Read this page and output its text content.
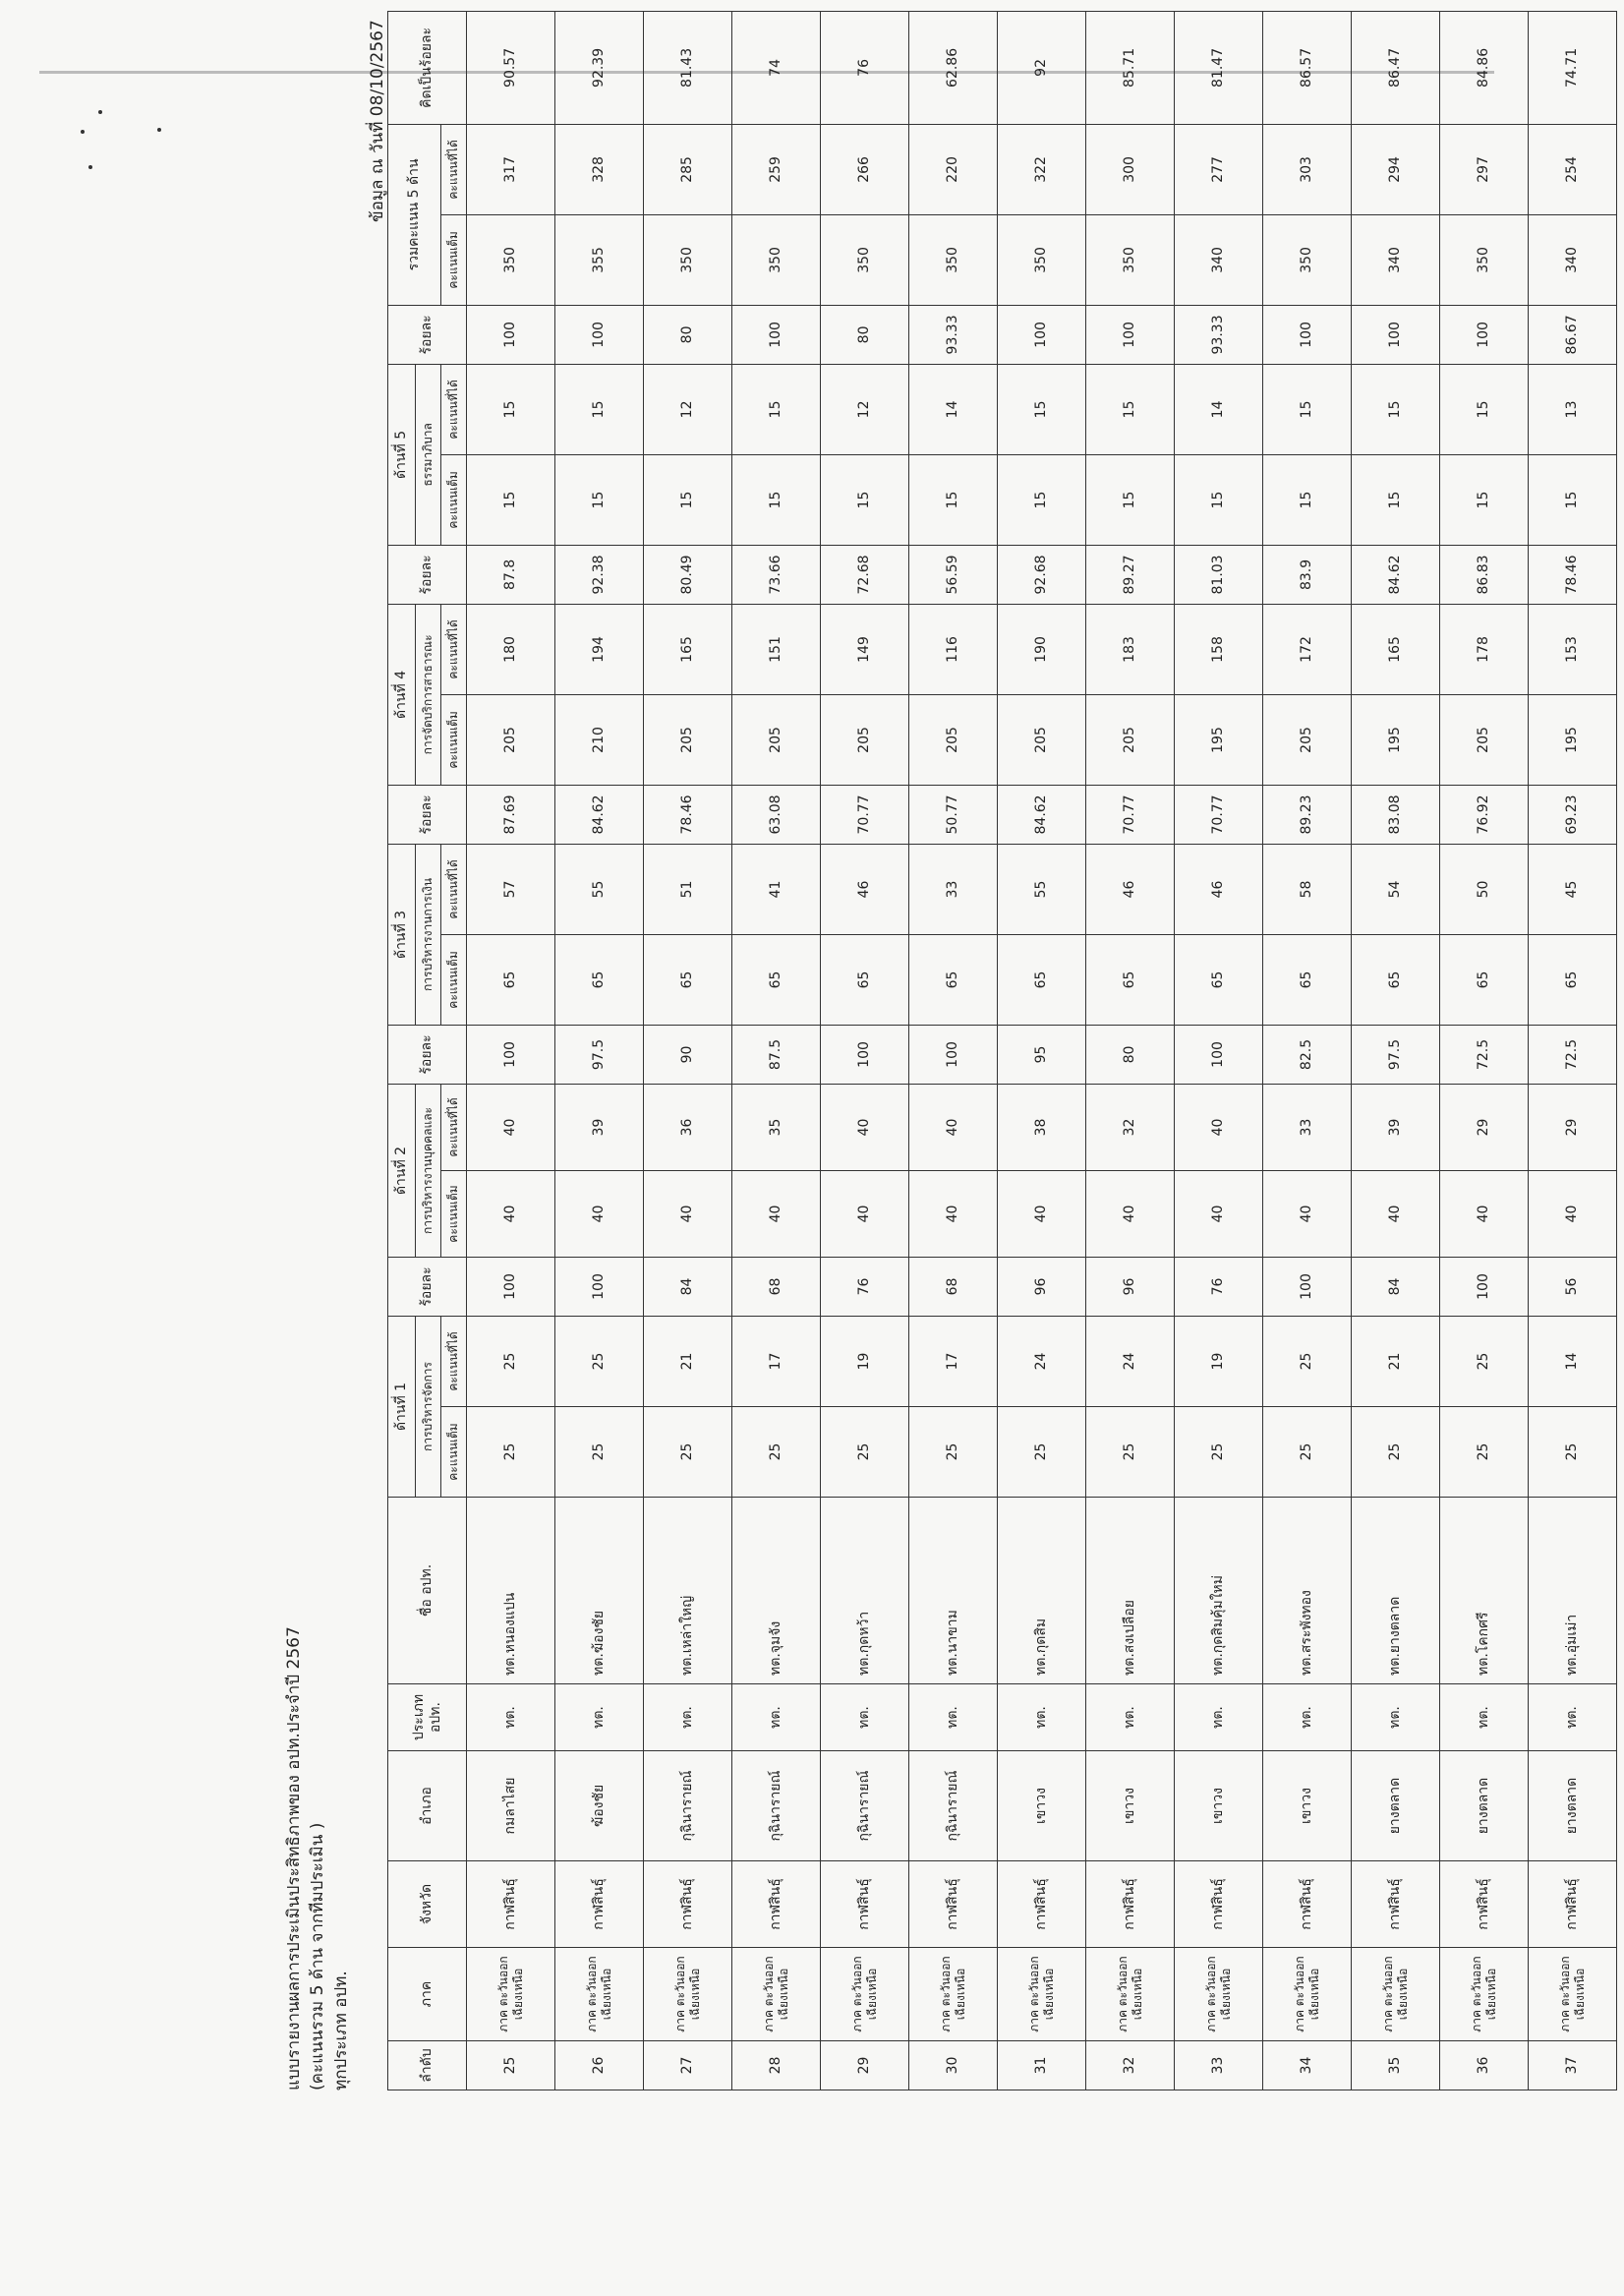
แบบรายงานผลการประเมินประสิทธิภาพของ อปท.ประจำปี 2567 (คะแนนรวม 5 ด้าน จากทีมประเมิน ) ทุกประเภท อปท.
ข้อมูล ณ วันที่ 08/10/2567
ลำดับ	ภาค	จังหวัด	อำเภอ	ประเภท อปท.	ชื่อ อปท.	ด้านที่ 1		ร้อยละ	ด้านที่ 2		ร้อยละ	ด้านที่ 3		ร้อยละ	ด้านที่ 4		ร้อยละ	ด้านที่ 5		ร้อยละ	รวมคะแนน 5 ด้าน		คิดเป็นร้อยละ
						การบริหารจัดการ			การบริหารงานบุคคลและ			การบริหารงานการเงิน			การจัดบริการสาธารณะ			ธรรมาภิบาล					
						คะแนนเต็ม	คะแนนที่ได้		คะแนนเต็ม	คะแนนที่ได้		คะแนนเต็ม	คะแนนที่ได้		คะแนนเต็ม	คะแนนที่ได้		คะแนนเต็ม	คะแนนที่ได้		คะแนนเต็ม	คะแนนที่ได้	
25	ภาค ตะวันออกเฉียงเหนือ	กาฬสินธุ์	กมลาไสย	ทต.	ทต.หนองแปน	25	25	100	40	40	100	65	57	87.69	205	180	87.8	15	15	100	350	317	90.57
26	ภาค ตะวันออกเฉียงเหนือ	กาฬสินธุ์	ฆ้องชัย	ทต.	ทต.ฆ้องชัย	25	25	100	40	39	97.5	65	55	84.62	210	194	92.38	15	15	100	355	328	92.39
27	ภาค ตะวันออกเฉียงเหนือ	กาฬสินธุ์	กุฉินารายณ์	ทต.	ทต.เหล่าใหญ่	25	21	84	40	36	90	65	51	78.46	205	165	80.49	15	12	80	350	285	81.43
28	ภาค ตะวันออกเฉียงเหนือ	กาฬสินธุ์	กุฉินารายณ์	ทต.	ทต.จุมจัง	25	17	68	40	35	87.5	65	41	63.08	205	151	73.66	15	15	100	350	259	74
29	ภาค ตะวันออกเฉียงเหนือ	กาฬสินธุ์	กุฉินารายณ์	ทต.	ทต.กุดหว้า	25	19	76	40	40	100	65	46	70.77	205	149	72.68	15	12	80	350	266	76
30	ภาค ตะวันออกเฉียงเหนือ	กาฬสินธุ์	กุฉินารายณ์	ทต.	ทต.นาขาม	25	17	68	40	40	100	65	33	50.77	205	116	56.59	15	14	93.33	350	220	62.86
31	ภาค ตะวันออกเฉียงเหนือ	กาฬสินธุ์	เขาวง	ทต.	ทต.กุดสิม	25	24	96	40	38	95	65	55	84.62	205	190	92.68	15	15	100	350	322	92
32	ภาค ตะวันออกเฉียงเหนือ	กาฬสินธุ์	เขาวง	ทต.	ทต.สงเปลือย	25	24	96	40	32	80	65	46	70.77	205	183	89.27	15	15	100	350	300	85.71
33	ภาค ตะวันออกเฉียงเหนือ	กาฬสินธุ์	เขาวง	ทต.	ทต.กุดสิมคุ้มใหม่	25	19	76	40	40	100	65	46	70.77	195	158	81.03	15	14	93.33	340	277	81.47
34	ภาค ตะวันออกเฉียงเหนือ	กาฬสินธุ์	เขาวง	ทต.	ทต.สระพังทอง	25	25	100	40	33	82.5	65	58	89.23	205	172	83.9	15	15	100	350	303	86.57
35	ภาค ตะวันออกเฉียงเหนือ	กาฬสินธุ์	ยางตลาด	ทต.	ทต.ยางตลาด	25	21	84	40	39	97.5	65	54	83.08	195	165	84.62	15	15	100	340	294	86.47
36	ภาค ตะวันออกเฉียงเหนือ	กาฬสินธุ์	ยางตลาด	ทต.	ทต.โคกศรี	25	25	100	40	29	72.5	65	50	76.92	205	178	86.83	15	15	100	350	297	84.86
37	ภาค ตะวันออกเฉียงเหนือ	กาฬสินธุ์	ยางตลาด	ทต.	ทต.อุ่มเม่า	25	14	56	40	29	72.5	65	45	69.23	195	153	78.46	15	13	86.67	340	254	74.71
